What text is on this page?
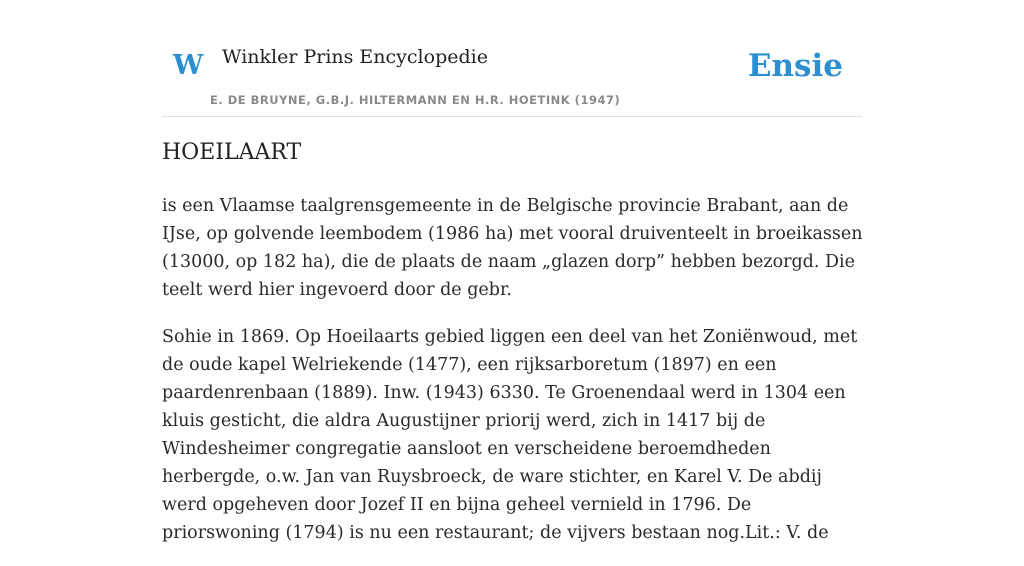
W Winkler Prins Encyclopedie
E. DE BRUYNE, G.B.J. HILTERMANN EN H.R. HOETINK (1947)
Ensie
HOEILAART

is een Vlaamse taalgrensgemeente in de Belgische provincie Brabant, aan de IJse, op golvende leembodem (1986 ha) met vooral druiventeelt in broeikassen (13000, op 182 ha), die de plaats de naam „glazen dorp” hebben bezorgd. Die teelt werd hier ingevoerd door de gebr.

Sohie in 1869. Op Hoeilaarts gebied liggen een deel van het Zoniënwoud, met de oude kapel Welriekende (1477), een rijksarboretum (1897) en een paardenrenbaan (1889). Inw. (1943) 6330. Te Groenendaal werd in 1304 een kluis gesticht, die aldra Augustijner priorij werd, zich in 1417 bij de Windesheimer congregatie aansloot en verscheidene beroemdheden herbergde, o.w. Jan van Ruysbroeck, de ware stichter, en Karel V. De abdij werd opgeheven door Jozef II en bijna geheel vernield in 1796. De priorswoning (1794) is nu een restaurant; de vijvers bestaan nog.Lit.: V. de
